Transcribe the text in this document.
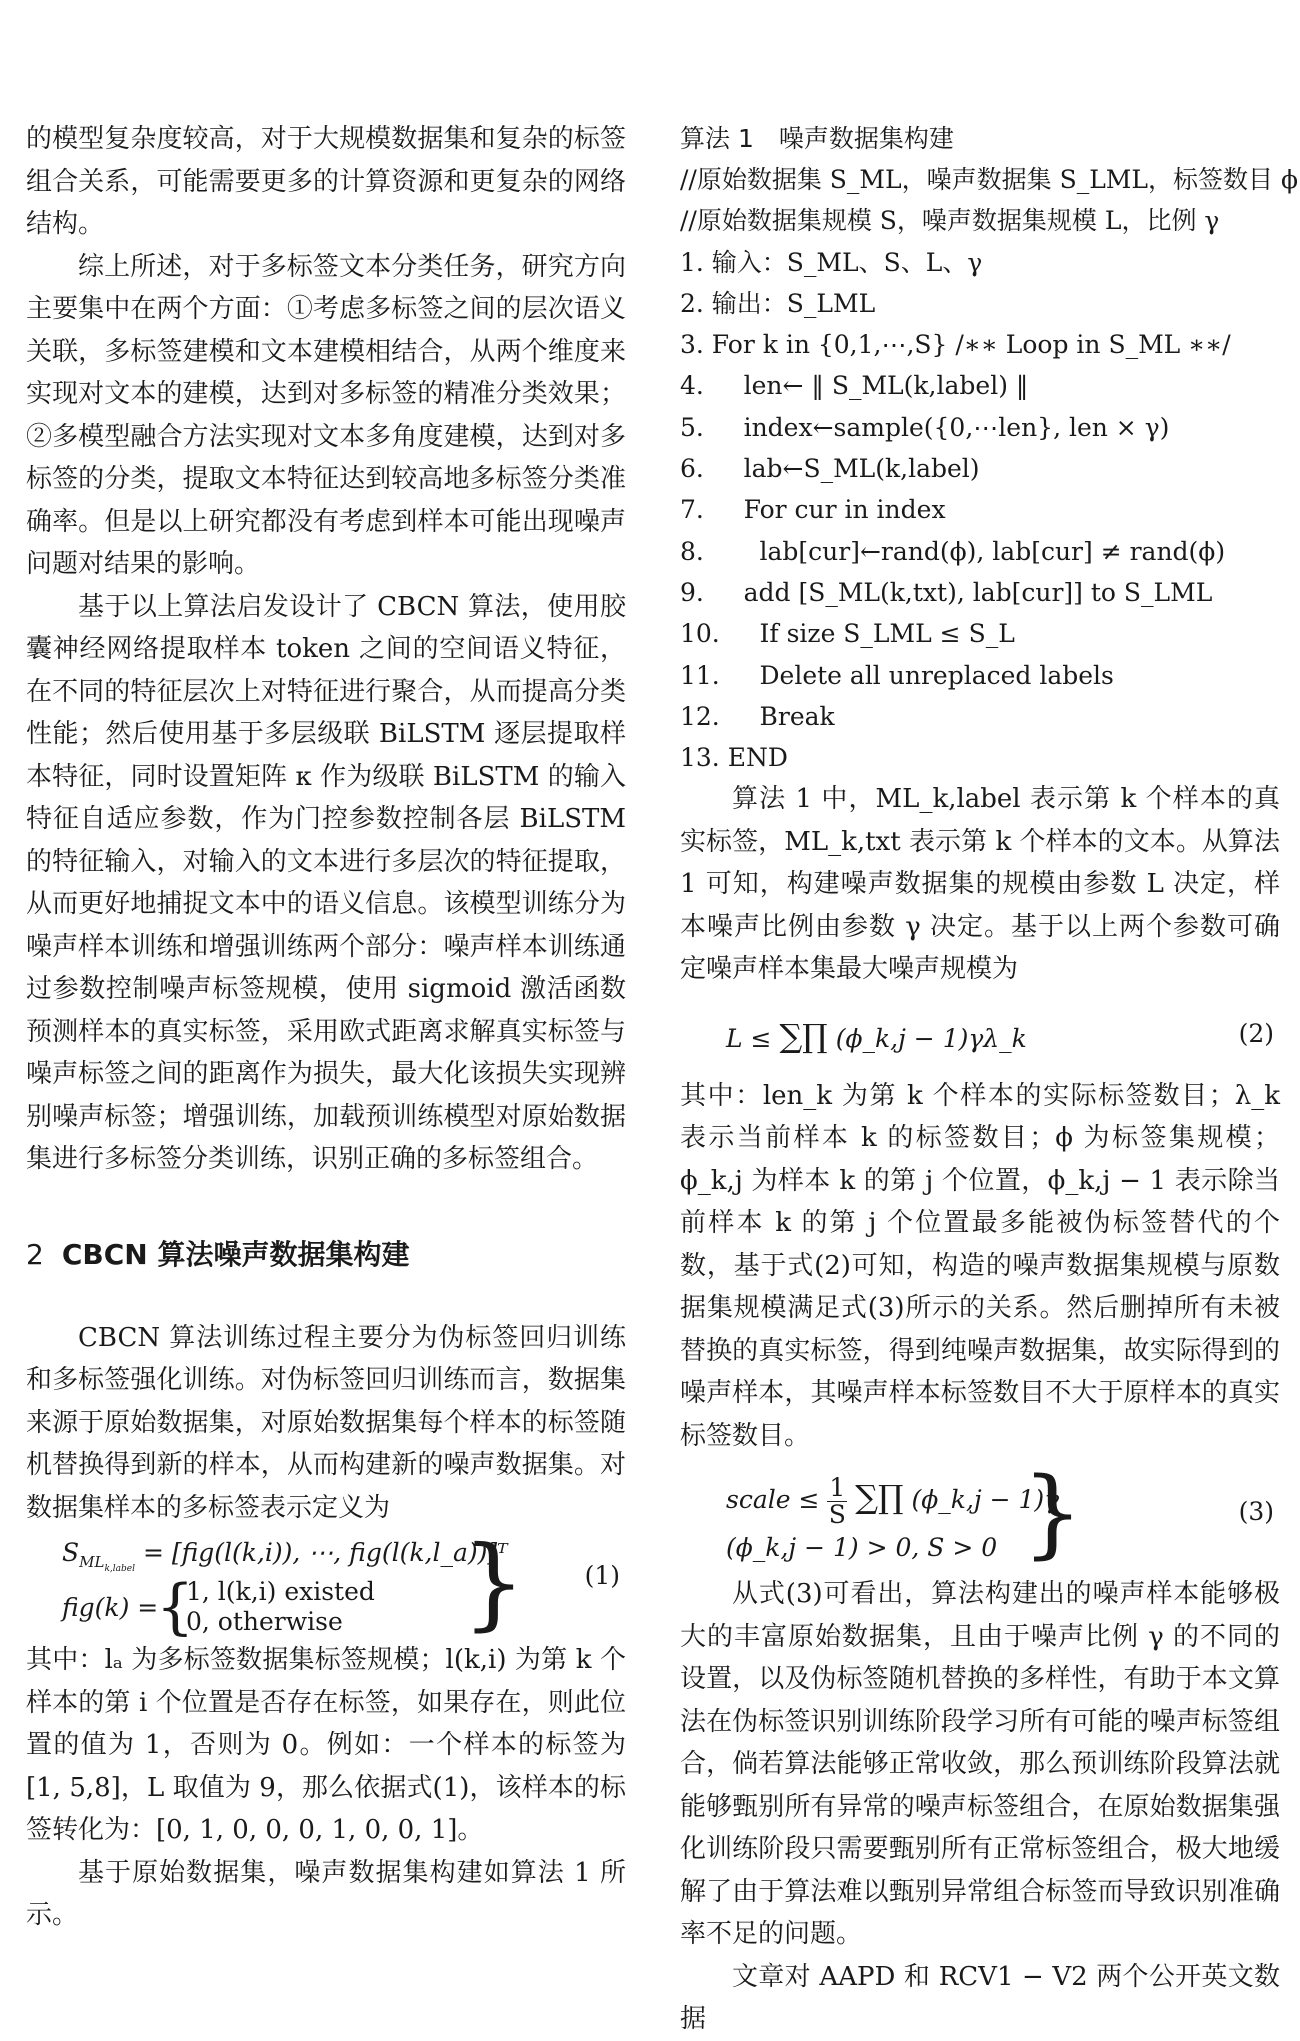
的模型复杂度较高，对于大规模数据集和复杂的标签组合关系，可能需要更多的计算资源和更复杂的网络结构。

综上所述，对于多标签文本分类任务，研究方向主要集中在两个方面：①考虑多标签之间的层次语义关联，多标签建模和文本建模相结合，从两个维度来实现对文本的建模，达到对多标签的精准分类效果；②多模型融合方法实现对文本多角度建模，达到对多标签的分类，提取文本特征达到较高地多标签分类准确率。但是以上研究都没有考虑到样本可能出现噪声问题对结果的影响。

基于以上算法启发设计了 CBCN 算法，使用胶囊神经网络提取样本 token 之间的空间语义特征，在不同的特征层次上对特征进行聚合，从而提高分类性能；然后使用基于多层级联 BiLSTM 逐层提取样本特征，同时设置矩阵 κ 作为级联 BiLSTM 的输入特征自适应参数，作为门控参数控制各层 BiLSTM 的特征输入，对输入的文本进行多层次的特征提取，从而更好地捕捉文本中的语义信息。该模型训练分为噪声样本训练和增强训练两个部分：噪声样本训练通过参数控制噪声标签规模，使用 sigmoid 激活函数预测样本的真实标签，采用欧式距离求解真实标签与噪声标签之间的距离作为损失，最大化该损失实现辨别噪声标签；增强训练，加载预训练模型对原始数据集进行多标签分类训练，识别正确的多标签组合。

2 CBCN 算法噪声数据集构建

CBCN 算法训练过程主要分为伪标签回归训练和多标签强化训练。对伪标签回归训练而言，数据集来源于原始数据集，对原始数据集每个样本的标签随机替换得到新的样本，从而构建新的噪声数据集。对数据集样本的多标签表示定义为

$S_{ML_{k,label}} = [fig(l(k,i))$, ⋯, fig(l(k,l_a))]ᵀ
fig(k) =
{
1, l(k,i) existed
0, otherwise } (1)

其中：lₐ 为多标签数据集标签规模；l(k,i) 为第 k 个样本的第 i 个位置是否存在标签，如果存在，则此位置的值为 1，否则为 0。例如：一个样本的标签为[1, 5,8]，L 取值为 9，那么依据式(1)，该样本的标签转化为：[0, 1, 0, 0, 0, 1, 0, 0, 1]。

基于原始数据集，噪声数据集构建如算法 1 所示。

算法 1　噪声数据集构建
//原始数据集 S_ML，噪声数据集 S_LML，标签数目 ϕ
//原始数据集规模 S，噪声数据集规模 L，比例 γ
1. 输入：S_ML、S、L、γ
2. 输出：S_LML
3. For k in {0,1,⋯,S} /∗∗ Loop in S_ML ∗∗/
4.     len← ‖ S_ML(k,label) ‖
5.     index←sample({0,⋯len}, len × γ)
6.     lab←S_ML(k,label)
7.     For cur in index
8.       lab[cur]←rand(ϕ), lab[cur] ≠ rand(ϕ)
9.     add [S_ML(k,txt), lab[cur]] to S_LML
10.     If size S_LML ≤ S_L
11.     Delete all unreplaced labels
12.     Break
13. END

算法 1 中，ML_k,label 表示第 k 个样本的真实标签，ML_k,txt 表示第 k 个样本的文本。从算法 1 可知，构建噪声数据集的规模由参数 L 决定，样本噪声比例由参数 γ 决定。基于以上两个参数可确定噪声样本集最大噪声规模为

L ≤ ∑∏ (ϕ_k,j − 1)γλ_k	(2)

其中：len_k 为第 k 个样本的实际标签数目；λ_k 表示当前样本 k 的标签数目；ϕ 为标签集规模；ϕ_k,j 为样本 k 的第 j 个位置，ϕ_k,j − 1 表示除当前样本 k 的第 j 个位置最多能被伪标签替代的个数，基于式(2)可知，构造的噪声数据集规模与原数据集规模满足式(3)所示的关系。然后删掉所有未被替换的真实标签，得到纯噪声数据集，故实际得到的噪声样本，其噪声样本标签数目不大于原样本的真实标签数目。

scale ≤ $\frac{1}{S}$ ∑∏ (ϕ_k,j − 1)γ
(ϕ_k,j − 1) > 0, S > 0 }	(3)

从式(3)可看出，算法构建出的噪声样本能够极大的丰富原始数据集，且由于噪声比例 γ 的不同的设置，以及伪标签随机替换的多样性，有助于本文算法在伪标签识别训练阶段学习所有可能的噪声标签组合，倘若算法能够正常收敛，那么预训练阶段算法就能够甄别所有异常的噪声标签组合，在原始数据集强化训练阶段只需要甄别所有正常标签组合，极大地缓解了由于算法难以甄别异常组合标签而导致识别准确率不足的问题。

文章对 AAPD 和 RCV1 − V2 两个公开英文数据
